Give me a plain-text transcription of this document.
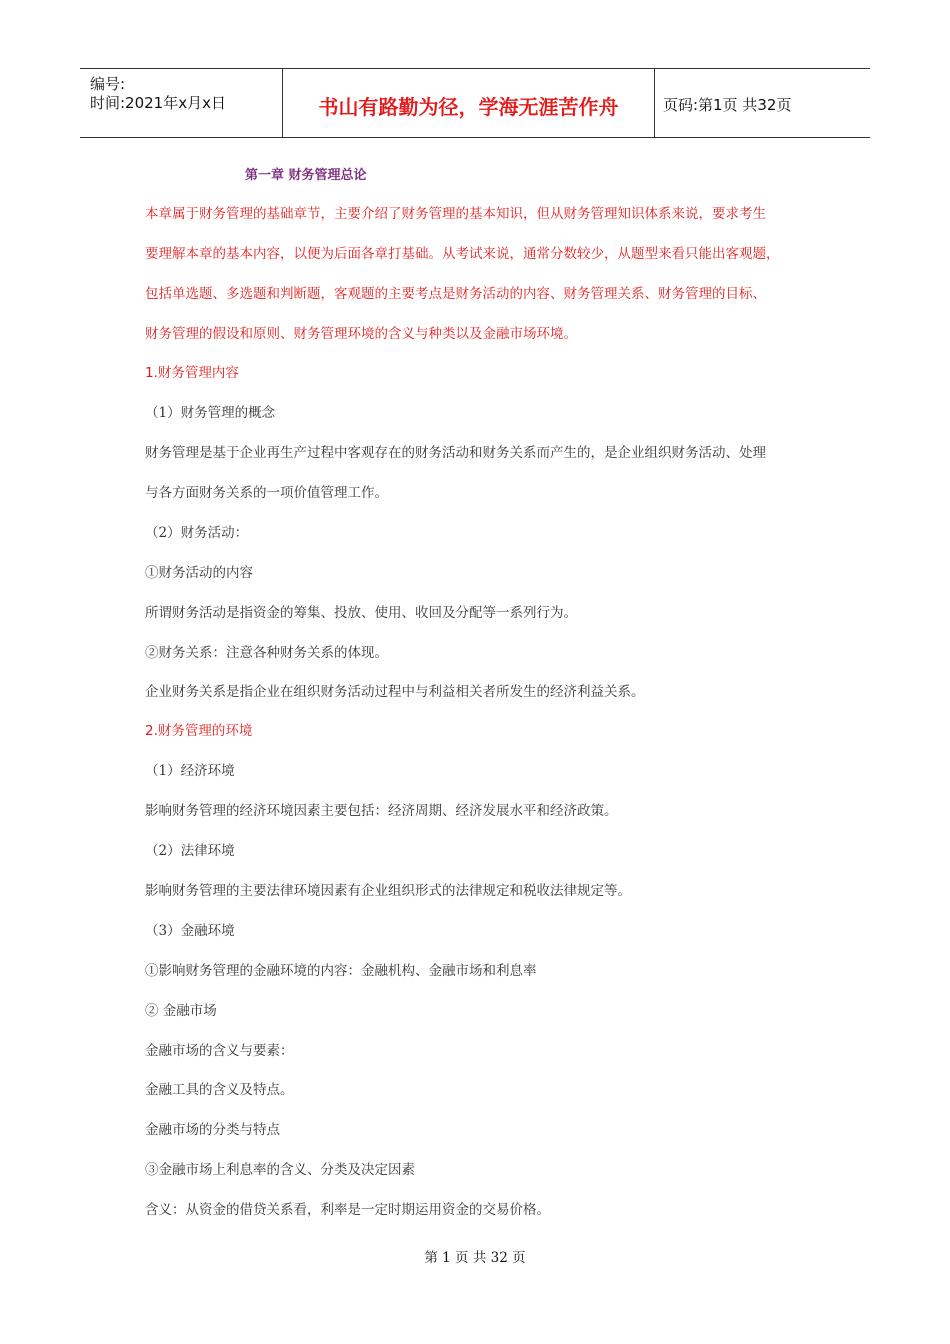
编号:
时间:2021年x月x日	书山有路勤为径，学海无涯苦作舟	页码:第1页 共32页
第一章 财务管理总论
本章属于财务管理的基础章节，主要介绍了财务管理的基本知识，但从财务管理知识体系来说，要求考生
要理解本章的基本内容，以便为后面各章打基础。从考试来说，通常分数较少，从题型来看只能出客观题，
包括单选题、多选题和判断题，客观题的主要考点是财务活动的内容、财务管理关系、财务管理的目标、
财务管理的假设和原则、财务管理环境的含义与种类以及金融市场环境。
1.财务管理内容
（1）财务管理的概念
财务管理是基于企业再生产过程中客观存在的财务活动和财务关系而产生的，是企业组织财务活动、处理
与各方面财务关系的一项价值管理工作。
（2）财务活动：
①财务活动的内容
所谓财务活动是指资金的筹集、投放、使用、收回及分配等一系列行为。
②财务关系：注意各种财务关系的体现。
企业财务关系是指企业在组织财务活动过程中与利益相关者所发生的经济利益关系。
2.财务管理的环境
（1）经济环境
影响财务管理的经济环境因素主要包括：经济周期、经济发展水平和经济政策。
（2）法律环境
影响财务管理的主要法律环境因素有企业组织形式的法律规定和税收法律规定等。
（3）金融环境
①影响财务管理的金融环境的内容：金融机构、金融市场和利息率
② 金融市场
金融市场的含义与要素：
金融工具的含义及特点。
金融市场的分类与特点
③金融市场上利息率的含义、分类及决定因素
含义：从资金的借贷关系看，利率是一定时期运用资金的交易价格。
第 1 页 共 32 页
